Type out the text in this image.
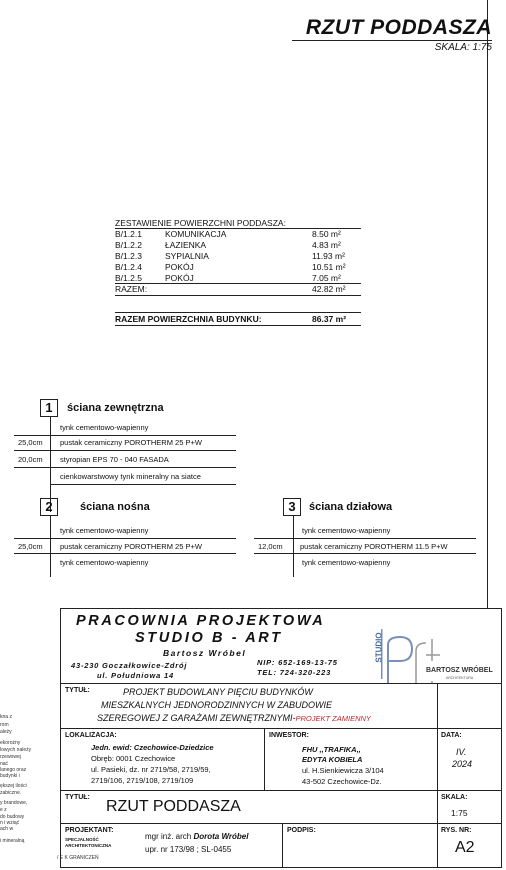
RZUT PODDASZA
SKALA: 1:75
ZESTAWIENIE POWIERZCHNI PODDASZA:
B/1.2.1	KOMUNIKACJA	8.50 m²
B/1.2.2	ŁAZIENKA	4.83 m²
B/1.2.3	SYPIALNIA	11.93 m²
B/1.2.4	POKÓJ	10.51 m²
B/1.2.5	POKÓJ	7.05 m²
RAZEM:	42.82 m²
RAZEM POWIERZCHNIA BUDYNKU:	86.37 m²
1	ściana zewnętrzna
tynk cementowo-wapienny
25,0cm pustak ceramiczny POROTHERM 25 P+W
20,0cm styropian EPS 70 - 040 FASADA
cienkowarstwowy tynk mineralny na siatce
2	ściana nośna
tynk cementowo-wapienny
25,0cm pustak ceramiczny POROTHERM 25 P+W
tynk cementowo-wapienny
3	ściana działowa
tynk cementowo-wapienny
12,0cm pustak ceramiczny POROTHERM 11.5 P+W
tynk cementowo-wapienny
kna z
rom
ależy
ekorożny
lowych należy
rzewowej
nać
lanego oraz
budynki i
ększej ilości
zabiczne.
y brandowe,
e z
do budowy
n i wziąć
ach w
i mineralną
/ E K GRANICZEŃ
PRACOWNIA PROJEKTOWA
STUDIO B - ART
Bartosz Wróbel
43-230 Goczałkowice-Zdrój
ul. Południowa 14
NIP: 652-169-13-75
TEL: 724-320-223
STUDIO
BARTOSZ WRÓBEL
ARCHITEKTURA
TYTUŁ:	PROJEKT BUDOWLANY PIĘCIU BUDYNKÓW
MIESZKALNYCH JEDNORODZINNYCH W ZABUDOWIE
SZEREGOWEJ Z GARAŻAMI ZEWNĘTRZNYMI-PROJEKT ZAMIENNY
LOKALIZACJA:
Jedn. ewid: Czechowice-Dziedzice
Obręb: 0001 Czechowice
ul. Pasieki, dz. nr 2719/58, 2719/59,
2719/106, 2719/108, 2719/109
INWESTOR:
FHU ,,TRAFIKA,,
EDYTA KOBIELA
ul. H.Sienkiewicza 3/104
43-502 Czechowice-Dz.
DATA:
IV.
2024
TYTUŁ:
RZUT PODDASZA
SKALA:
1:75
PROJEKTANT:
SPECJALNOŚĆ
ARCHITEKTONICZNA
mgr inż. arch Dorota Wróbel
upr. nr 173/98 ; SL-0455
PODPIS:	RYS. NR:
A2
